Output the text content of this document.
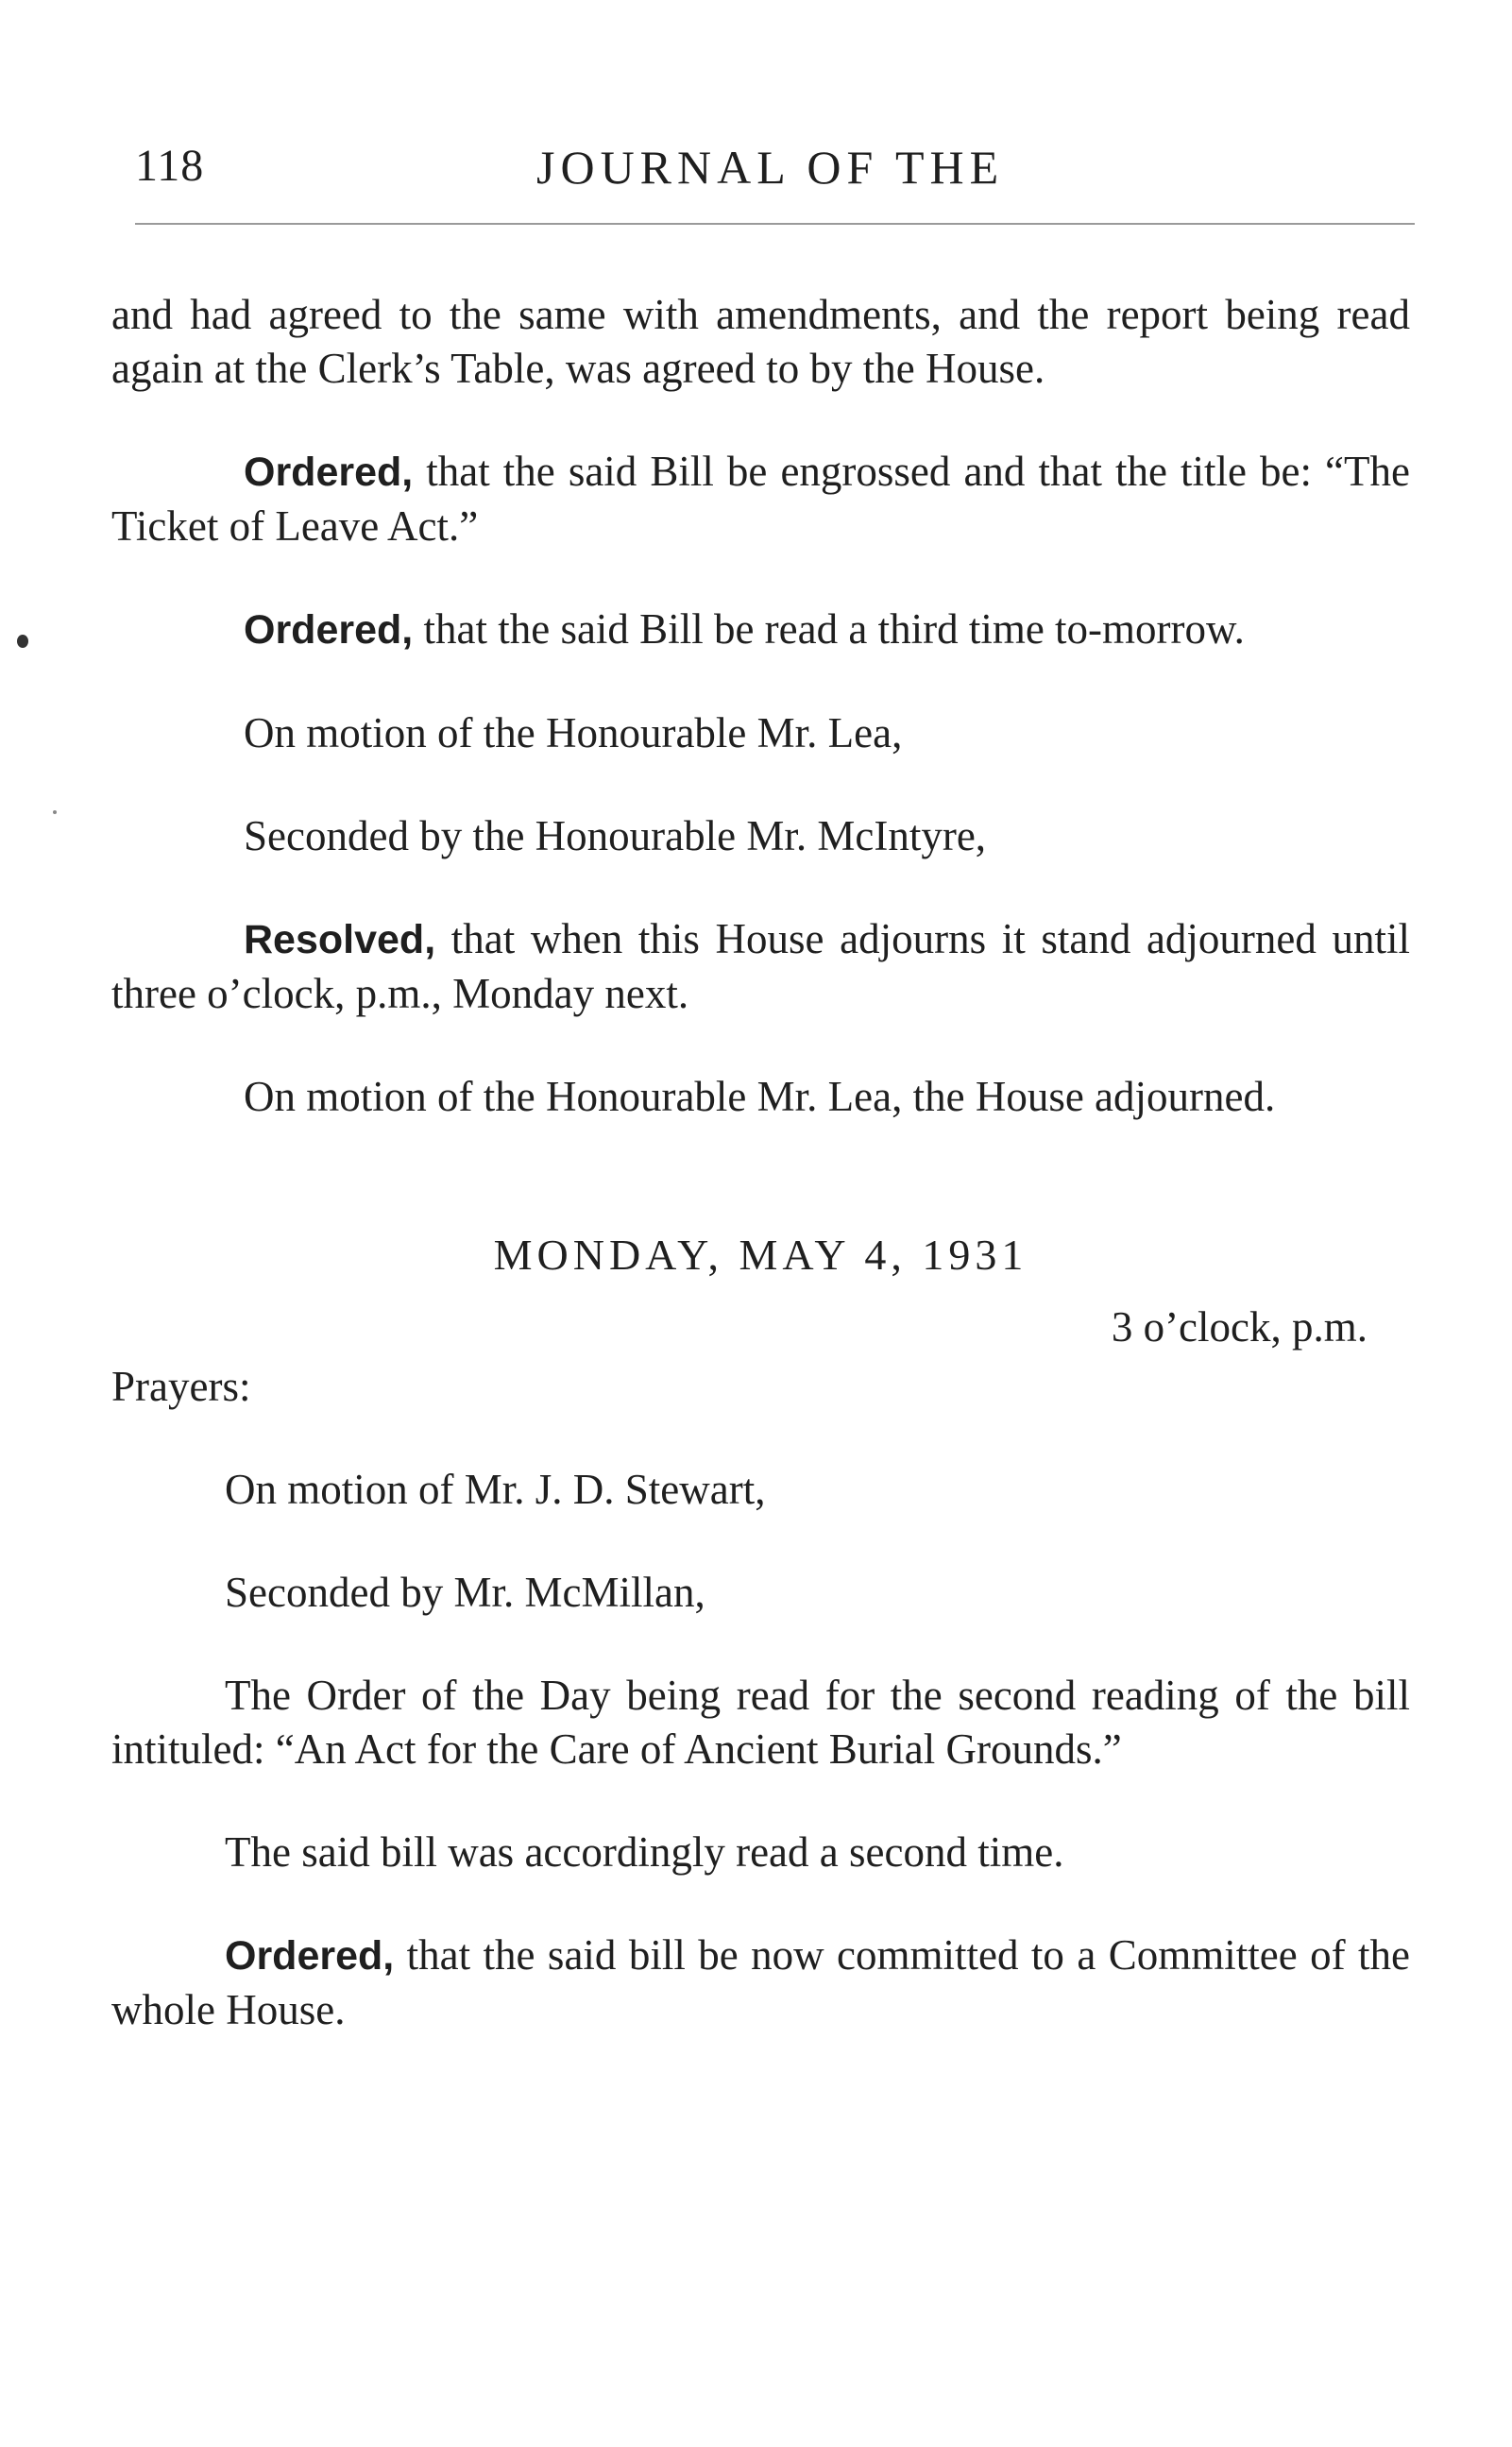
118	JOURNAL OF THE

and had agreed to the same with amendments, and the report being read again at the Clerk’s Table, was agreed to by the House.

Ordered, that the said Bill be engrossed and that the title be: “The Ticket of Leave Act.”

Ordered, that the said Bill be read a third time to-morrow.

On motion of the Honourable Mr. Lea,

Seconded by the Honourable Mr. McIntyre,

Resolved, that when this House adjourns it stand adjourned until three o’clock, p.m., Monday next.

On motion of the Honourable Mr. Lea, the House adjourned.

MONDAY, MAY 4, 1931

3 o’clock, p.m.

Prayers:

On motion of Mr. J. D. Stewart,

Seconded by Mr. McMillan,

The Order of the Day being read for the second reading of the bill intituled: “An Act for the Care of Ancient Burial Grounds.”

The said bill was accordingly read a second time.

Ordered, that the said bill be now committed to a Committee of the whole House.
